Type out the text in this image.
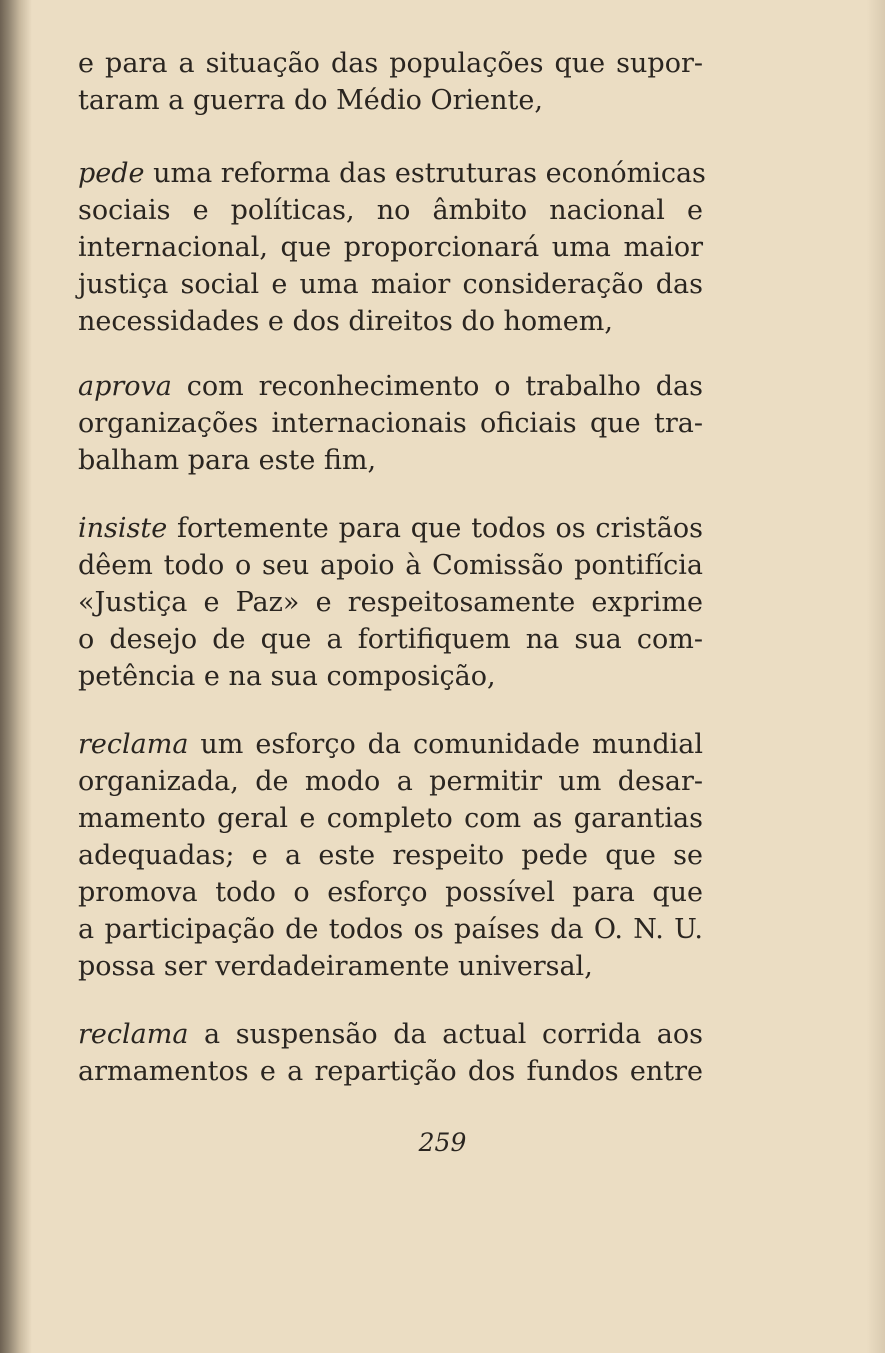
e para a situação das populações que supor-

taram a guerra do Médio Oriente,

pede uma reforma das estruturas económicas

sociais e políticas, no âmbito nacional e

internacional, que proporcionará uma maior

justiça social e uma maior consideração das

necessidades e dos direitos do homem,

aprova com reconhecimento o trabalho das

organizações internacionais oficiais que tra-

balham para este fim,

insiste fortemente para que todos os cristãos

dêem todo o seu apoio à Comissão pontifícia

«Justiça e Paz» e respeitosamente exprime

o desejo de que a fortifiquem na sua com-

petência e na sua composição,

reclama um esforço da comunidade mundial

organizada, de modo a permitir um desar-

mamento geral e completo com as garantias

adequadas; e a este respeito pede que se

promova todo o esforço possível para que

a participação de todos os países da O. N. U.

possa ser verdadeiramente universal,

reclama a suspensão da actual corrida aos

armamentos e a repartição dos fundos entre

259
